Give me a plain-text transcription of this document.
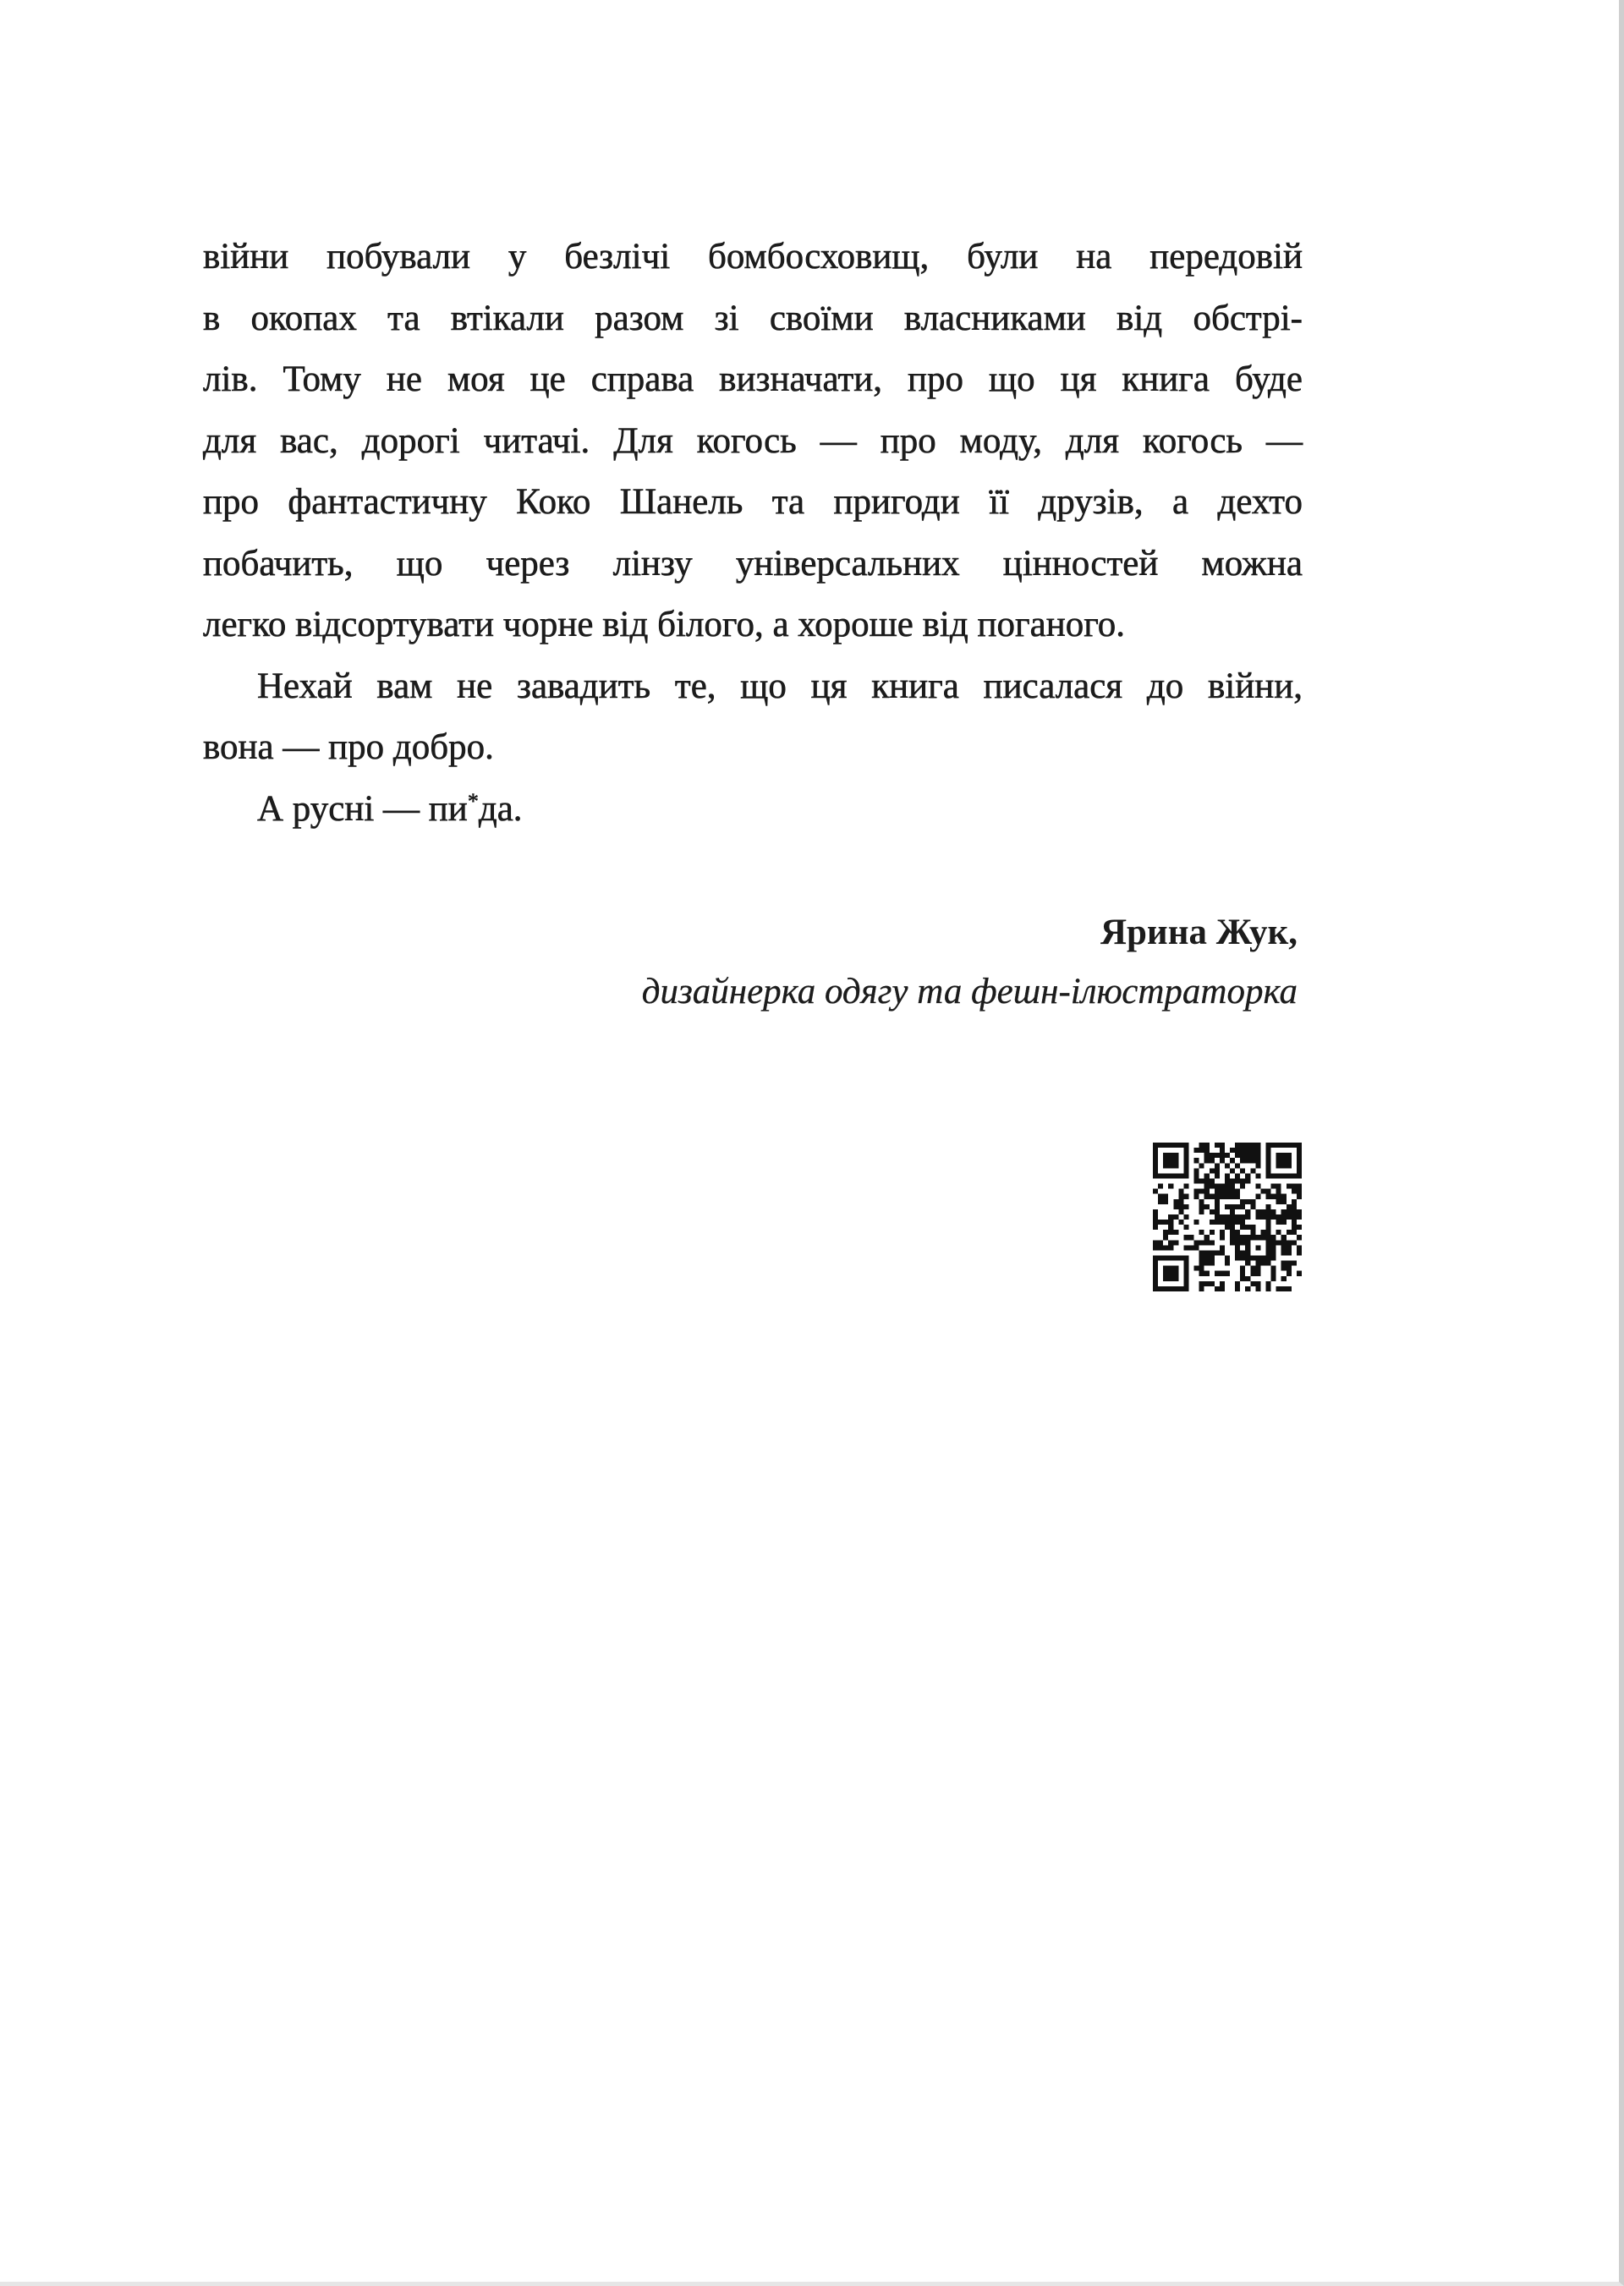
війни побували у безлічі бомбосховищ, були на передовій
в окопах та втікали разом зі своїми власниками від обстрі-
лів. Тому не моя це справа визначати, про що ця книга буде
для вас, дорогі читачі. Для когось — про моду, для когось —
про фантастичну Коко Шанель та пригоди її друзів, а дехто
побачить, що через лінзу універсальних цінностей можна
легко відсортувати чорне від білого, а хороше від поганого.
Нехай вам не завадить те, що ця книга писалася до війни,
вона — про добро.
А русні — пи*да.
Ярина Жук,
дизайнерка одягу та фешн-ілюстраторка
